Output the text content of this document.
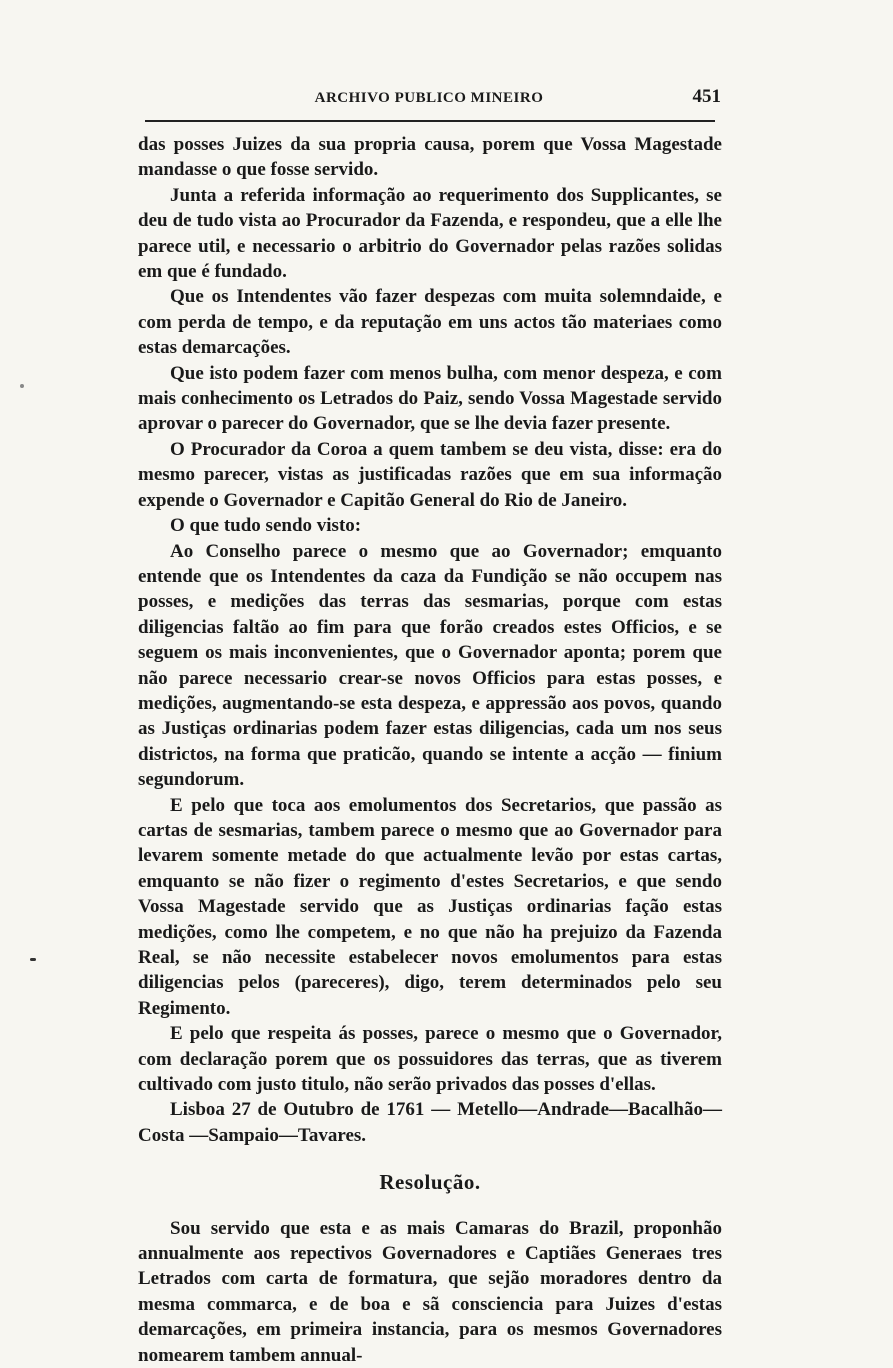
ARCHIVO PUBLICO MINEIRO	451

das posses Juizes da sua propria causa, porem que Vossa Magestade mandasse o que fosse servido.

Junta a referida informação ao requerimento dos Supplicantes, se deu de tudo vista ao Procurador da Fazenda, e respondeu, que a elle lhe parece util, e necessario o arbitrio do Governador pelas razões solidas em que é fundado.

Que os Intendentes vão fazer despezas com muita solemndaide, e com perda de tempo, e da reputação em uns actos tão materiaes como estas demarcações.

Que isto podem fazer com menos bulha, com menor despeza, e com mais conhecimento os Letrados do Paiz, sendo Vossa Magestade servido aprovar o parecer do Governador, que se lhe devia fazer presente.

O Procurador da Coroa a quem tambem se deu vista, disse: era do mesmo parecer, vistas as justificadas razões que em sua informação expende o Governador e Capitão General do Rio de Janeiro.

O que tudo sendo visto:

Ao Conselho parece o mesmo que ao Governador; emquanto entende que os Intendentes da caza da Fundição se não occupem nas posses, e medições das terras das sesmarias, porque com estas diligencias faltão ao fim para que forão creados estes Officios, e se seguem os mais inconvenientes, que o Governador aponta; porem que não parece necessario crear-se novos Officios para estas posses, e medições, augmentando-se esta despeza, e appressão aos povos, quando as Justiças ordinarias podem fazer estas diligencias, cada um nos seus districtos, na forma que praticão, quando se intente a acção — finium segundorum.

E pelo que toca aos emolumentos dos Secretarios, que passão as cartas de sesmarias, tambem parece o mesmo que ao Governador para levarem somente metade do que actualmente levão por estas cartas, emquanto se não fizer o regimento d'estes Secretarios, e que sendo Vossa Magestade servido que as Justiças ordinarias fação estas medições, como lhe competem, e no que não ha prejuizo da Fazenda Real, se não necessite estabelecer novos emolumentos para estas diligencias pelos (pareceres), digo, terem determinados pelo seu Regimento.

E pelo que respeita ás posses, parece o mesmo que o Governador, com declaração porem que os possuidores das terras, que as tiverem cultivado com justo titulo, não serão privados das posses d'ellas.

Lisboa 27 de Outubro de 1761 — Metello—Andrade—Bacalhão— Costa —Sampaio—Tavares.

Resolução.

Sou servido que esta e as mais Camaras do Brazil, proponhão annualmente aos repectivos Governadores e Captiães Generaes tres Letrados com carta de formatura, que sejão moradores dentro da mesma commarca, e de boa e sã consciencia para Juizes d'estas demarcações, em primeira instancia, para os mesmos Governadores nomearem tambem annual-
